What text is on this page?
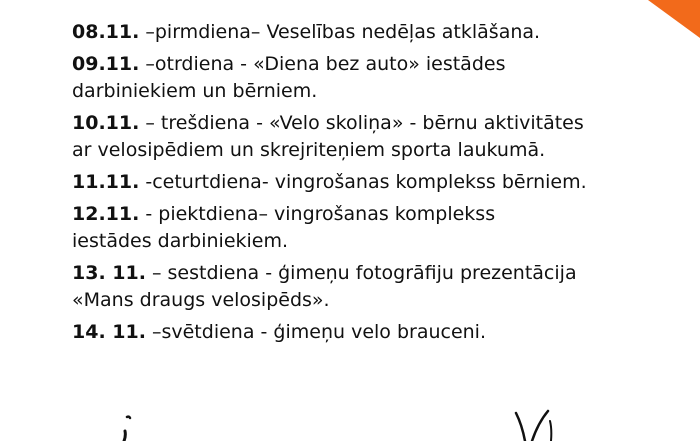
08.11. –pirmdiena– Veselības nedēļas atklāšana.
09.11. –otrdiena - «Diena bez auto» iestādes
darbiniekiem un bērniem.
10.11. – trešdiena - «Velo skoliņa» - bērnu aktivitātes
ar velosipēdiem un skrejriteņiem sporta laukumā.
11.11. -ceturtdiena- vingrošanas komplekss bērniem.
12.11. - piektdiena– vingrošanas komplekss
iestādes darbiniekiem.
13. 11. – sestdiena - ģimeņu fotogrāfiju prezentācija
«Mans draugs velosipēds».
14. 11. –svētdiena - ģimeņu velo brauceni.
